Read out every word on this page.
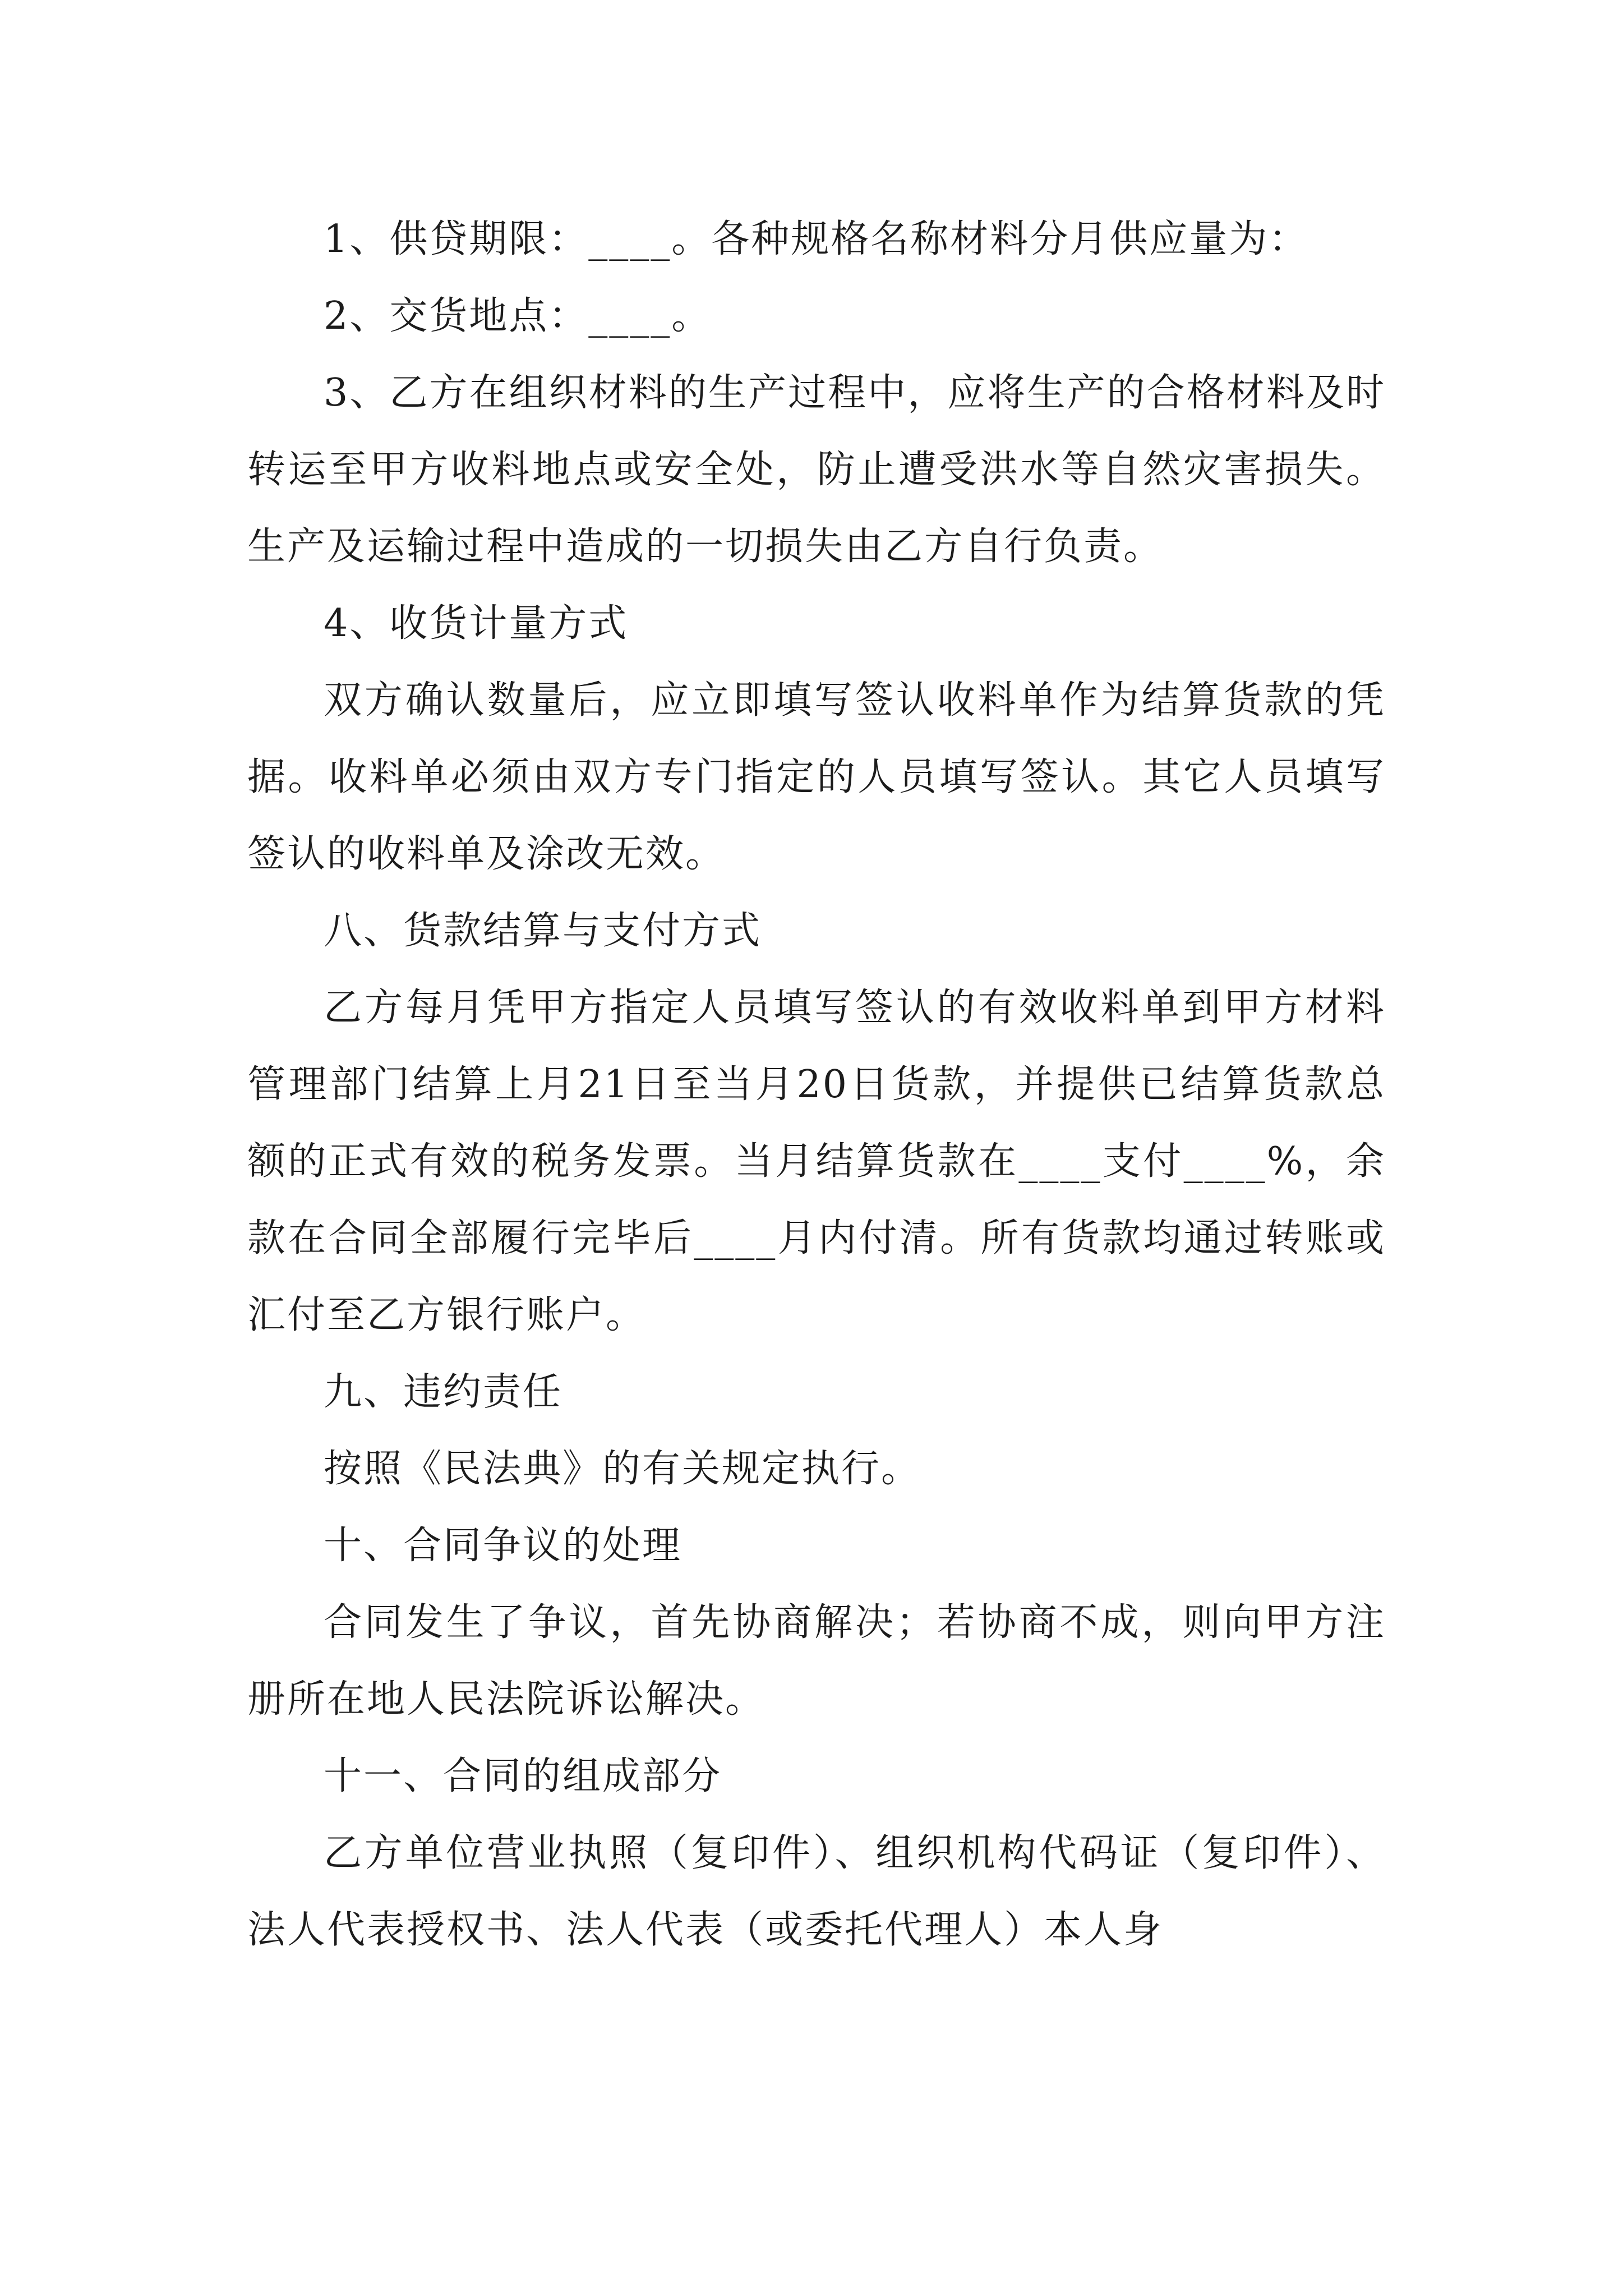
1、供贷期限：____。各种规格名称材料分月供应量为：

2、交货地点：____。

3、乙方在组织材料的生产过程中，应将生产的合格材料及时转运至甲方收料地点或安全处，防止遭受洪水等自然灾害损失。生产及运输过程中造成的一切损失由乙方自行负责。

4、收货计量方式

双方确认数量后，应立即填写签认收料单作为结算货款的凭据。收料单必须由双方专门指定的人员填写签认。其它人员填写签认的收料单及涂改无效。

八、货款结算与支付方式

乙方每月凭甲方指定人员填写签认的有效收料单到甲方材料管理部门结算上月21日至当月20日货款，并提供已结算货款总额的正式有效的税务发票。当月结算货款在____支付____%，余款在合同全部履行完毕后____月内付清。所有货款均通过转账或汇付至乙方银行账户。

九、违约责任

按照《民法典》的有关规定执行。

十、合同争议的处理

合同发生了争议，首先协商解决；若协商不成，则向甲方注册所在地人民法院诉讼解决。

十一、合同的组成部分

乙方单位营业执照（复印件）、组织机构代码证（复印件）、法人代表授权书、法人代表（或委托代理人）本人身
